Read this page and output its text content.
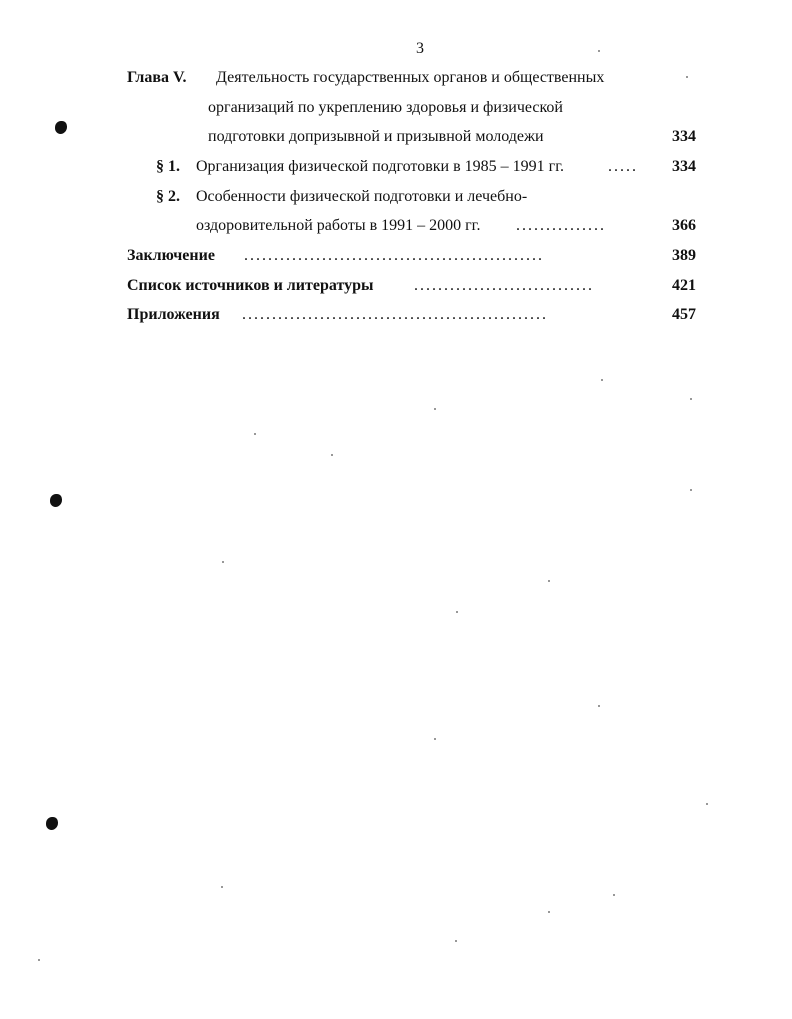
3
Глава V. Деятельность государственных органов и общественных
организаций по укреплению здоровья и физической
подготовки допризывной и призывной молодежи	334
§ 1. Организация физической подготовки в 1985 – 1991 гг.	.....	334
§ 2. Особенности физической подготовки и лечебно-
оздоровительной работы в 1991 – 2000 гг. ...............	366
Заключение ..................................................	389
Список источников и литературы	..............................	421
Приложения ...................................................	457
